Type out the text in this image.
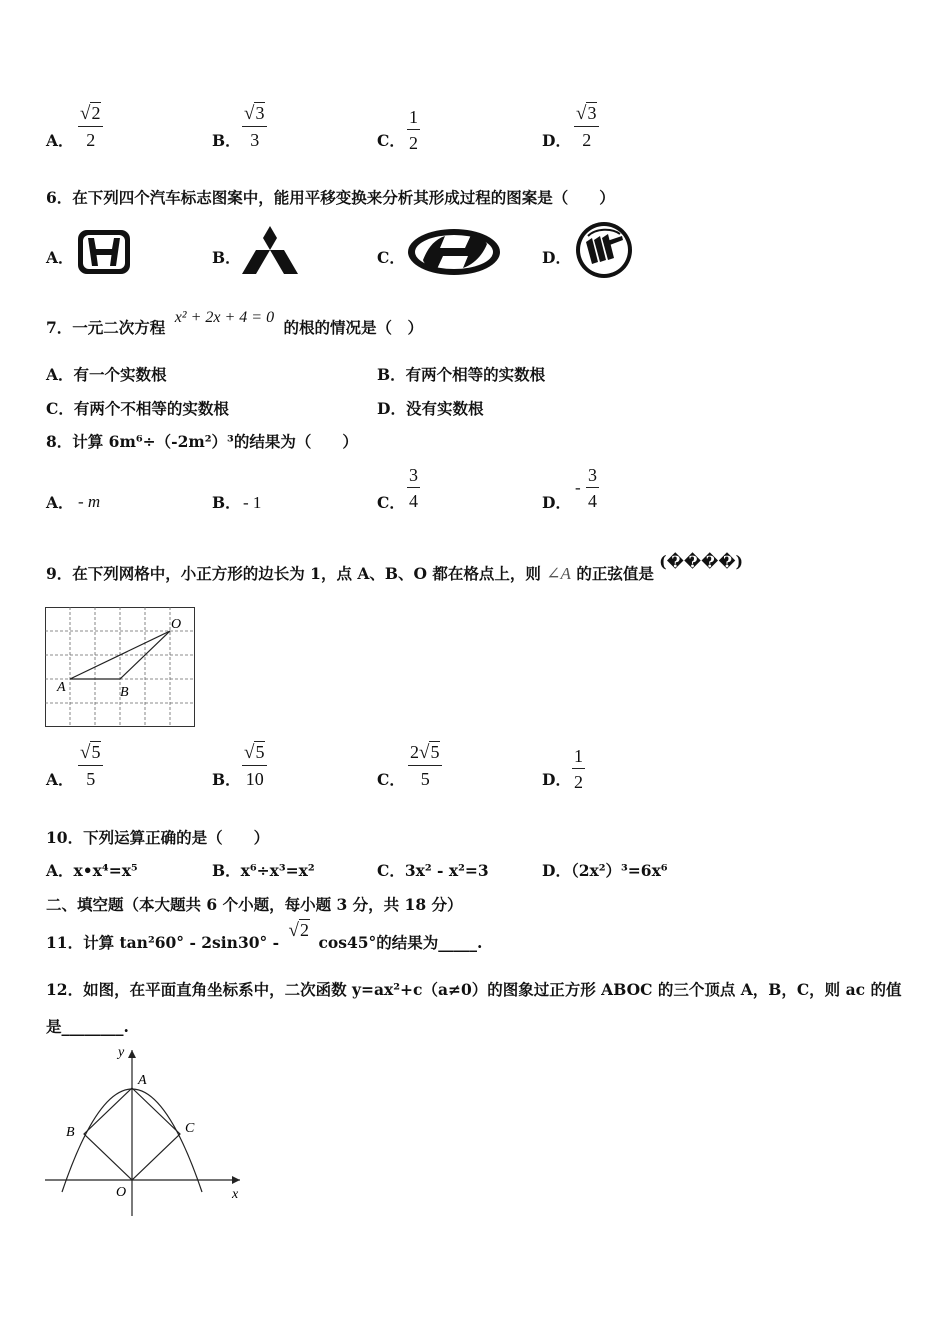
A．
√2
2	B．
√3
3	C．
1
2	D．
√3
2
6．在下列四个汽车标志图案中，能用平移变换来分析其形成过程的图案是（　　）
A．	B．	C．	D．
7．一元二次方程 x² + 2x + 4 = 0 的根的情况是（　）
A．有一个实数根	B．有两个相等的实数根
C．有两个不相等的实数根	D．没有实数根
8．计算 6m⁶÷（-2m²）³的结果为（　　）
A． - m	B． - 1	C．
3
4	D．
-
3
4
9．在下列网格中，小正方形的边长为 1，点 A、B、O 都在格点上，则 ∠A 的正弦值是 (����)
O
A	B
A．
√5
5	B．
√5
10	C．
2√5
5	D．
1
2
10．下列运算正确的是（　　）
A．x•x⁴=x⁵	B．x⁶÷x³=x²	C．3x² - x²=3	D．（2x²）³=6x⁶
二、填空题（本大题共 6 个小题，每小题 3 分，共 18 分）
11．计算 tan²60° - 2sin30° - √2 cos45°的结果为_____.
12．如图，在平面直角坐标系中，二次函数 y=ax²+c（a≠0）的图象过正方形 ABOC 的三个顶点 A，B，C，则 ac 的值
是________.
y
A
B	C
O	x
